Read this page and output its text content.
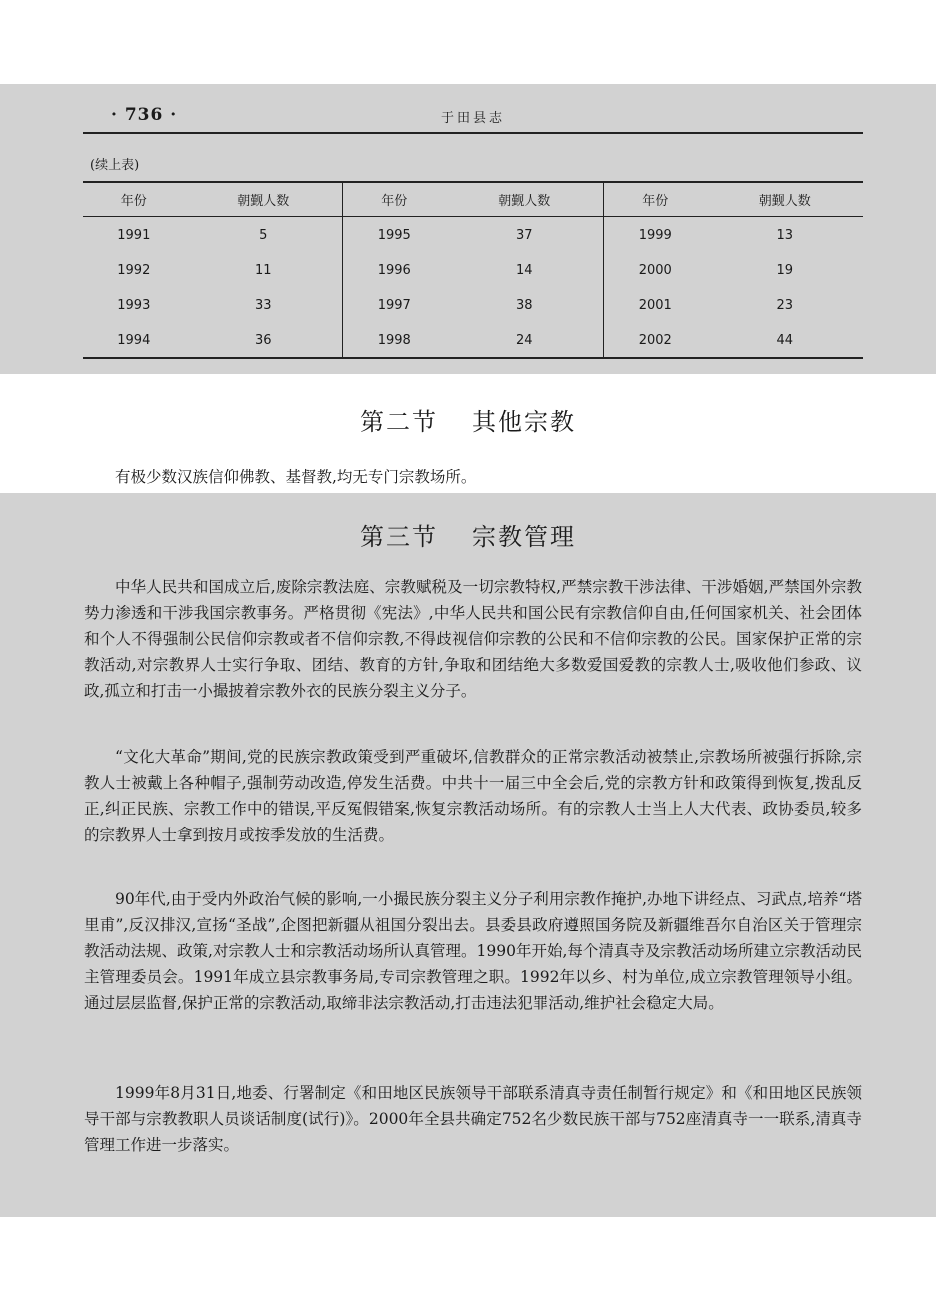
· 736 ·	于田县志
(续上表)
年份	朝觐人数	年份	朝觐人数	年份	朝觐人数
1991	5	1995	37	1999	13
1992	11	1996	14	2000	19
1993	33	1997	38	2001	23
1994	36	1998	24	2002	44
第二节 其他宗教

有极少数汉族信仰佛教、基督教,均无专门宗教场所。

第三节 宗教管理

中华人民共和国成立后,废除宗教法庭、宗教赋税及一切宗教特权,严禁宗教干涉法律、干涉婚姻,严禁国外宗教势力渗透和干涉我国宗教事务。严格贯彻《宪法》,中华人民共和国公民有宗教信仰自由,任何国家机关、社会团体和个人不得强制公民信仰宗教或者不信仰宗教,不得歧视信仰宗教的公民和不信仰宗教的公民。国家保护正常的宗教活动,对宗教界人士实行争取、团结、教育的方针,争取和团结绝大多数爱国爱教的宗教人士,吸收他们参政、议政,孤立和打击一小撮披着宗教外衣的民族分裂主义分子。

“文化大革命”期间,党的民族宗教政策受到严重破坏,信教群众的正常宗教活动被禁止,宗教场所被强行拆除,宗教人士被戴上各种帽子,强制劳动改造,停发生活费。中共十一届三中全会后,党的宗教方针和政策得到恢复,拨乱反正,纠正民族、宗教工作中的错误,平反冤假错案,恢复宗教活动场所。有的宗教人士当上人大代表、政协委员,较多的宗教界人士拿到按月或按季发放的生活费。

90年代,由于受内外政治气候的影响,一小撮民族分裂主义分子利用宗教作掩护,办地下讲经点、习武点,培养“塔里甫”,反汉排汉,宣扬“圣战”,企图把新疆从祖国分裂出去。县委县政府遵照国务院及新疆维吾尔自治区关于管理宗教活动法规、政策,对宗教人士和宗教活动场所认真管理。1990年开始,每个清真寺及宗教活动场所建立宗教活动民主管理委员会。1991年成立县宗教事务局,专司宗教管理之职。1992年以乡、村为单位,成立宗教管理领导小组。通过层层监督,保护正常的宗教活动,取缔非法宗教活动,打击违法犯罪活动,维护社会稳定大局。

1999年8月31日,地委、行署制定《和田地区民族领导干部联系清真寺责任制暂行规定》和《和田地区民族领导干部与宗教教职人员谈话制度(试行)》。2000年全县共确定752名少数民族干部与752座清真寺一一联系,清真寺管理工作进一步落实。
